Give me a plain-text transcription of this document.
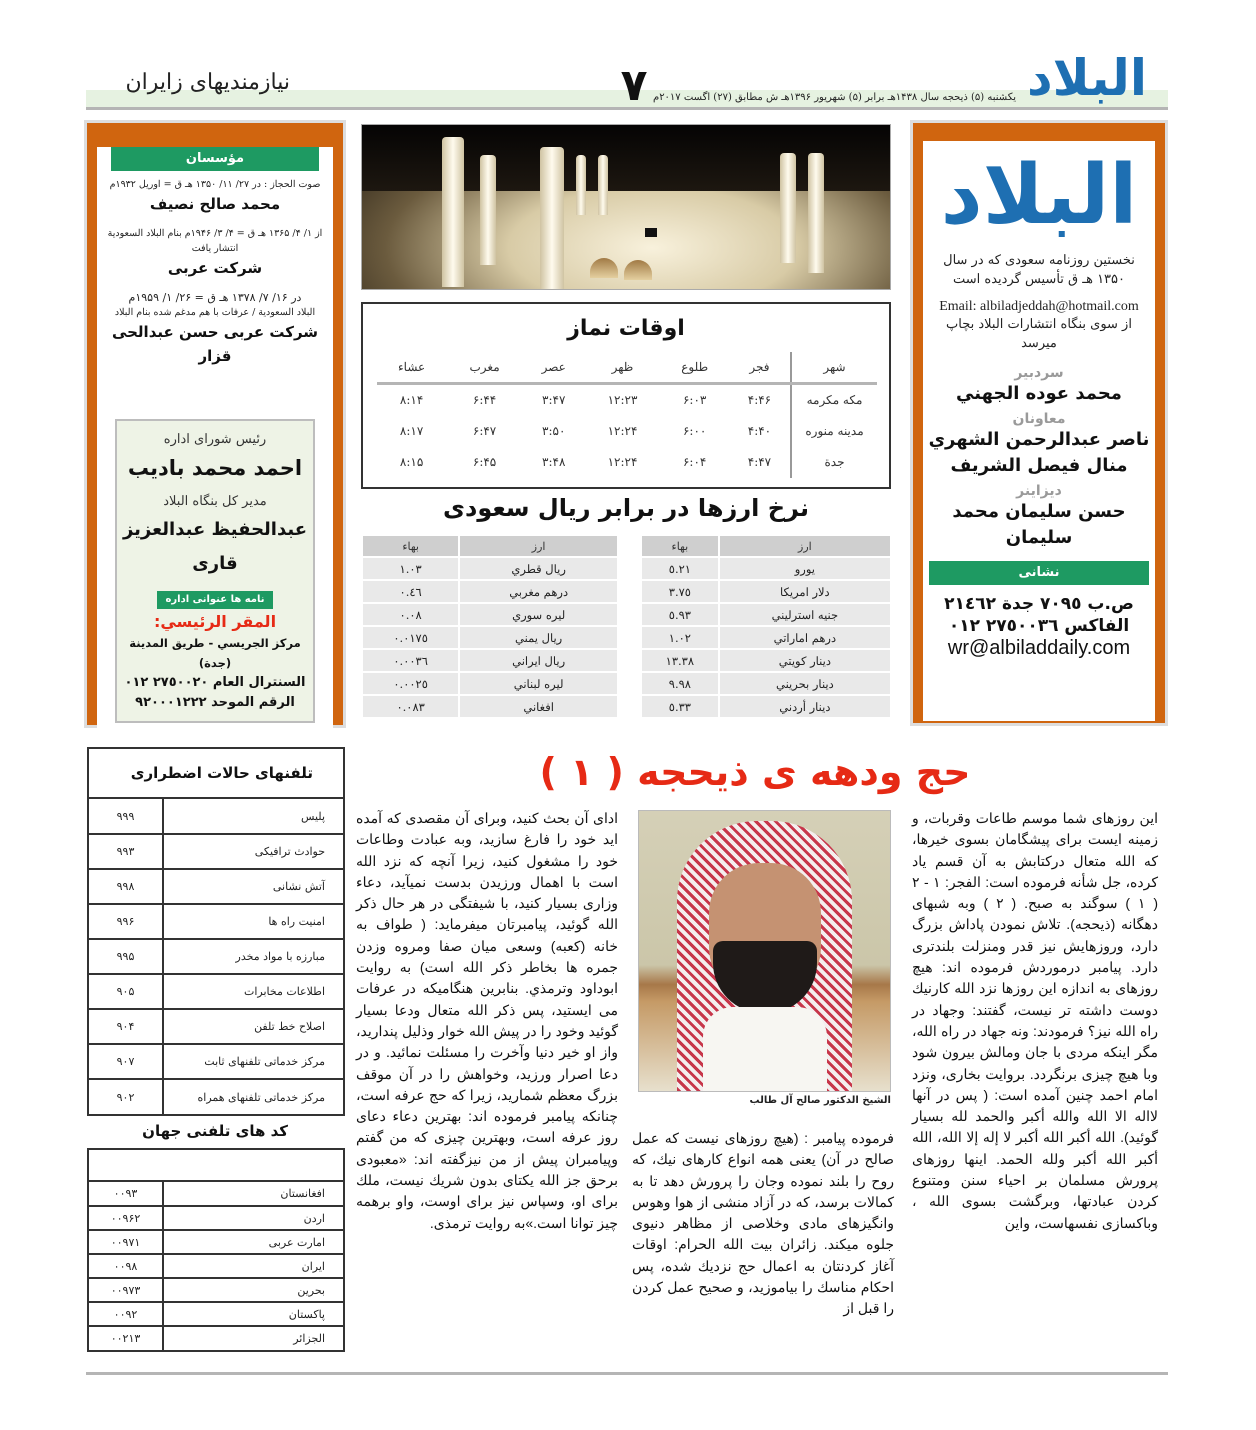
البلاد
یکشنبه (۵) ذیحجه سال ۱۴۳۸هـ برابر (۵) شهریور ۱۳۹۶هـ ش مطابق (۲۷) اگست ۲۰۱۷م
۷
نیازمندیهای زایران
البلاد
نخستین روزنامه سعودی که در سال ۱۳۵۰ هـ ق تأسیس گردیده است
Email: albiladjeddah@hotmail.com
از سوی بنگاه انتشارات البلاد بچاپ میرسد
سردبیر
محمد عوده الجهني
معاونان
ناصر عبدالرحمن الشهري
منال فيصل الشريف
دیزاینر
حسن سليمان محمد سليمان
نشانی
ص.ب ٧٠٩٥ جدة ٢١٤٦٢
الفاكس ٢٧٥٠٠٣٦ ٠١٢
wr@albiladdaily.com
مؤسسان
صوت الحجاز : در ۲۷/ ۱۱/ ۱۳۵۰ هـ ق = اوریل ۱۹۳۲م
محمد صالح نصيف
از ۱/ ۴/ ۱۳۶۵ هـ ق = ۴/ ۳/ ۱۹۴۶م بنام البلاد السعودیة انتشار یافت
شركت عربی
در ۱۶/ ۷/ ۱۳۷۸ هـ ق = ۲۶/ ۱/ ۱۹۵۹م
البلاد السعودیة / عرفات با هم مدغم شده بنام البلاد
شركت عربی حسن عبدالحی قزار
رئیس شورای اداره
احمد محمد باديب
مدیر کل بنگاه البلاد
عبدالحفيظ عبدالعزيز قاری
نامه ها عنوانی اداره
المقر الرئيسي:
مركز الجريسي - طريق المدينة (جدة)
السنترال العام ٢٧٥٠٠٢٠ ٠١٢
الرقم الموحد ٩٢٠٠٠١٢٢٢
اوقات نماز
شهر	فجر	طلوع	ظهر	عصر	مغرب	عشاء
مکه مکرمه	۴:۴۶	۶:۰۳	۱۲:۲۳	۳:۴۷	۶:۴۴	۸:۱۴
مدینه منوره	۴:۴۰	۶:۰۰	۱۲:۲۴	۳:۵۰	۶:۴۷	۸:۱۷
جدة	۴:۴۷	۶:۰۴	۱۲:۲۴	۳:۴۸	۶:۴۵	۸:۱۵
نرخ ارزها در برابر ریال سعودی
ارز	بهاء
يورو	٥.٢١
دلار امریکا	٣.٧٥
جنيه استرليني	٥.٩٣
درهم اماراتي	١.٠٢
دينار كويتي	١٣.٣٨
دينار بحريني	٩.٩٨
دينار أردني	٥.٣٣
ارز	بهاء
ريال قطري	١.٠٣
درهم مغربي	٠.٤٦
ليره سوري	٠.٠٨
ريال يمني	٠.٠١٧٥
ريال ايراني	٠.٠٠٣٦
ليره لبناني	٠.٠٠٢٥
افغاني	٠.٠٨٣
تلفنهای حالات اضطراری
پلیس	۹۹۹
حوادث ترافیکی	۹۹۳
آتش نشانی	۹۹۸
امنیت راه ها	۹۹۶
مبارزه با مواد مخدر	۹۹۵
اطلاعات مخابرات	۹۰۵
اصلاح خط تلفن	۹۰۴
مرکز خدماتی تلفنهای ثابت	۹۰۷
مرکز خدماتی تلفنهای همراه	۹۰۲
کد های تلفنی جهان
افغانستان	۰۰۹۳
اردن	۰۰۹۶۲
امارت عربی	۰۰۹۷۱
ایران	۰۰۹۸
بحرین	۰۰۹۷۳
پاکستان	۰۰۹۲
الجزائر	۰۰۲۱۳
حج ودهه ی ذیحجه ( ۱ )
این روزهای شما موسم طاعات وقربات، و زمینه ایست برای پیشگامان بسوی خیرها، که الله متعال درکتابش به آن قسم یاد کرده، جل شأنه فرموده است: الفجر: ۱ - ۲ ( ۱ ) سوگند به صبح. ( ۲ ) وبه شبهای دهگانه (ذیحجه). تلاش نمودن پاداش بزرگ دارد، وروزهایش نیز قدر ومنزلت بلندتری دارد. پیامبر درموردش فرموده اند: هیچ روزهای به اندازه این روزها نزد الله کارنیك دوست داشته تر نیست، گفتند: وجهاد در راه الله نیز؟ فرمودند: ونه جهاد در راه الله، مگر اینکه مردی با جان ومالش بیرون شود وبا هیچ چیزی برنگردد. بروایت بخاری، ونزد امام احمد چنین آمده است: ( پس در آنها لااله الا الله والله أکبر والحمد لله بسیار گوئید). الله أكبر الله أكبر لا إله إلا الله، الله أكبر الله أكبر ولله الحمد. اینها روزهای پرورش مسلمان بر احیاء سنن ومتنوع کردن عبادتها، وبرگشت بسوی الله ، وباکسازی نفسهاست، واین
الشيخ الدكتور صالح آل طالب
فرموده پیامبر : (هیچ روزهای نیست که عمل صالح در آن) یعنی همه انواع کارهای نیك، که روح را بلند نموده وجان را پرورش دهد تا به کمالات برسد، که در آزاد منشی از هوا وهوس وانگیزهای مادی وخلاصی از مظاهر دنیوی جلوه میکند. زائران بیت الله الحرام: اوقات آغاز کردنتان به اعمال حج نزدیك شده، پس احکام مناسك را بیاموزید، و صحیح عمل کردن را قبل از
ادای آن بحث کنید، وبرای آن مقصدی که آمده اید خود را فارغ سازید، وبه عبادت وطاعات خود را مشغول کنید، زیرا آنچه که نزد الله است با اهمال ورزیدن بدست نمیآید، دعاء وزاری بسیار کنید، با شیفتگی در هر حال ذکر الله گوئید، پیامبرتان میفرماید: ( طواف به خانه (کعبه) وسعی میان صفا ومروه وزدن جمره ها بخاطر ذکر الله است) به روایت ابوداود وترمذي. بنابرین هنگامیکه در عرفات می ایستید، پس ذکر الله متعال ودعا بسیار گوئید وخود را در پیش الله خوار وذلیل پندارید، واز او خیر دنیا وآخرت را مسئلت نمائید. و در دعا اصرار ورزید، وخواهش را در آن موقف بزرگ معظم شمارید، زیرا که حج عرفه است، چنانکه پیامبر فرموده اند: بهترین دعاء دعای روز عرفه است، وبهترین چیزی که من گفتم وپیامبران پیش از من نیزگفته اند: «معبودی برحق جز الله یکتای بدون شریك نیست، ملك برای او، وسپاس نیز برای اوست، واو برهمه چیز توانا است.»به روایت ترمذی.
